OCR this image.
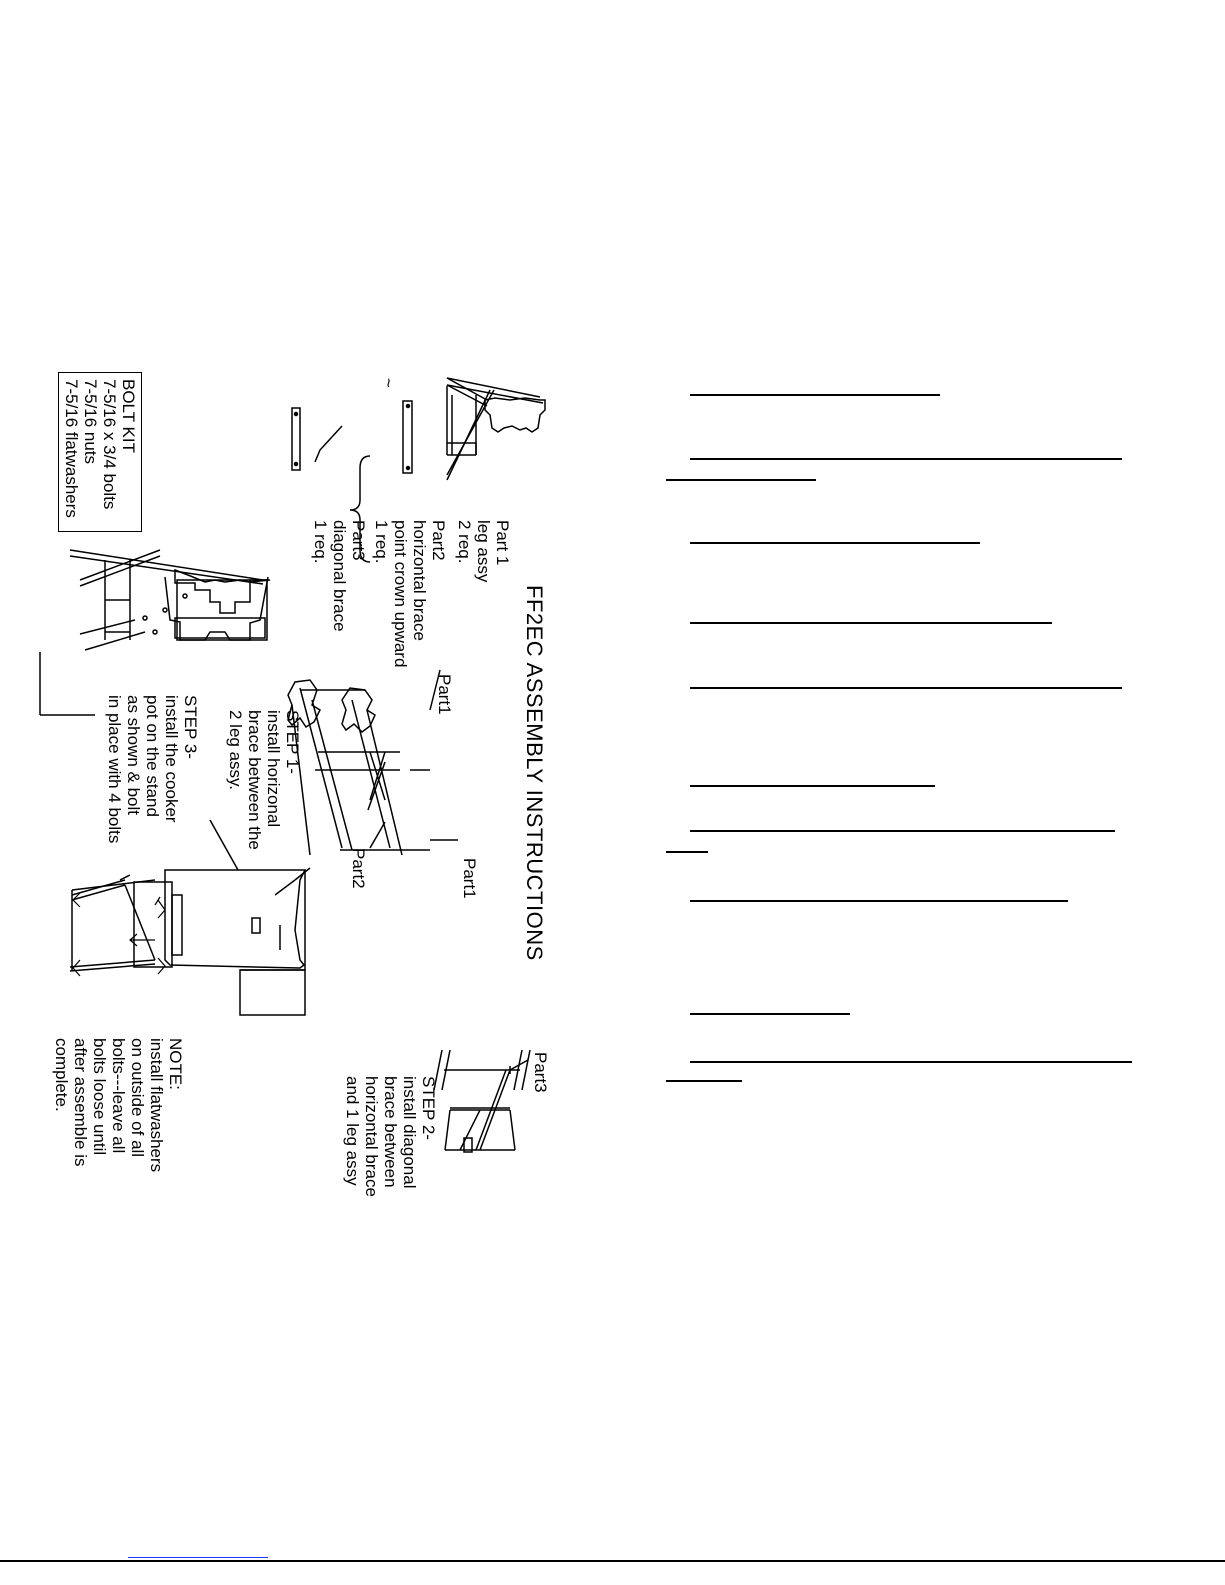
FF2EC ASSEMBLY INSTRUCTIONS
Part 1
leg assy
2 req.
Part2
horizontal brace
point crown upward
1 req.
Part3
diagonal brace
1 req.
BOLT KIT
7-5/16 x 3/4 bolts
7-5/16 nuts
7-5/16 flatwashers
STEP 1-
install horizonal
brace between the
2 leg assy.
Part1
Part1
Part2
Part3
STEP 2-
install diagonal
brace between
horizontal brace
and 1 leg assy
STEP 3-
install the cooker
pot on the stand
as shown & bolt
in place with 4 bolts
NOTE:
install flatwashers
on outside of all
bolts---leave all
bolts loose until
after assemble is
complete.
~
